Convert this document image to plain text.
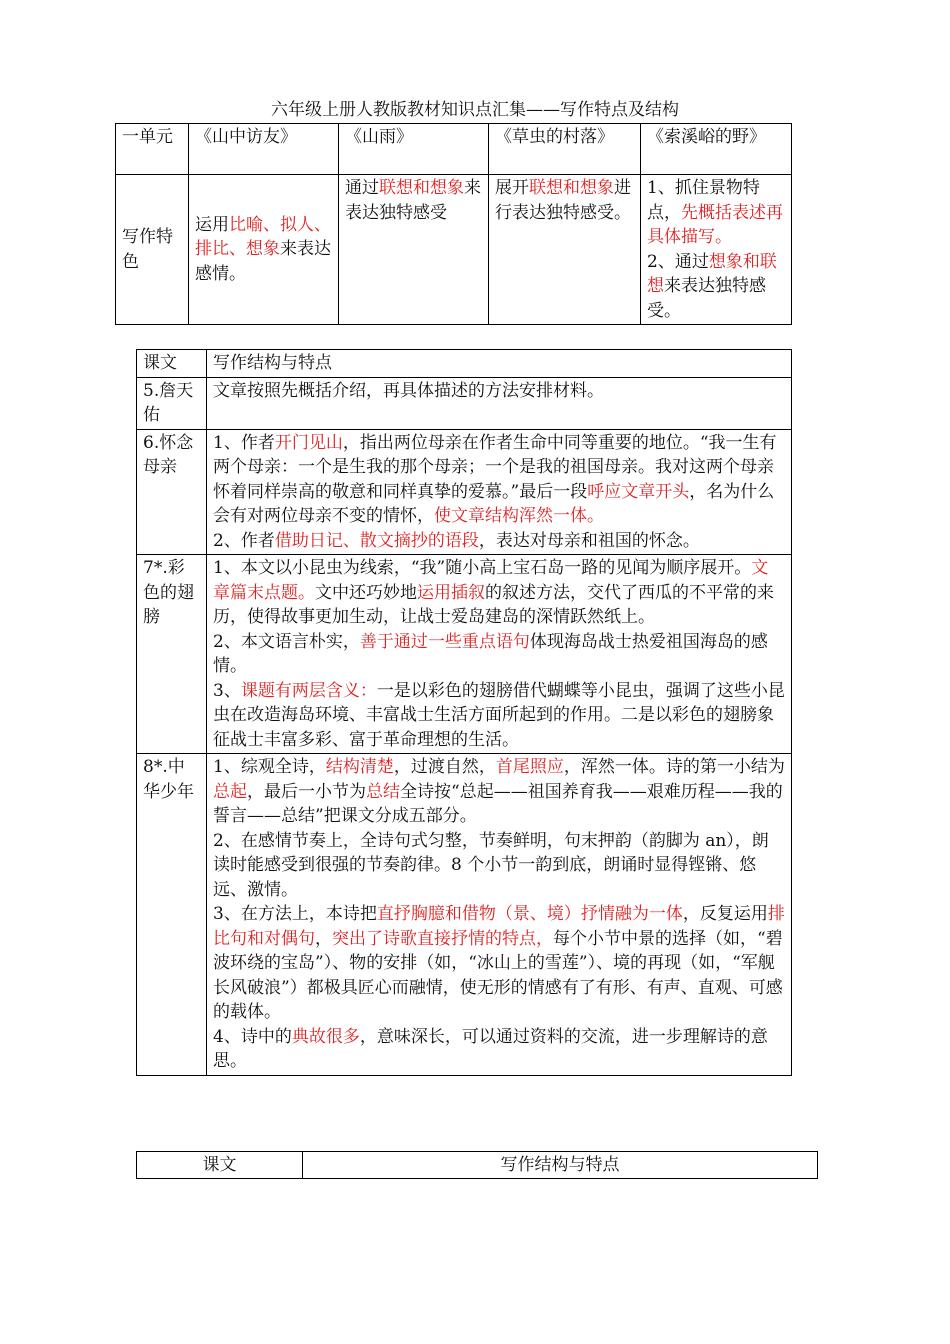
六年级上册人教版教材知识点汇集——写作特点及结构
一单元	《山中访友》	《山雨》	《草虫的村落》	《索溪峪的野》
写作特色	运用比喻、拟人、排比、想象来表达感情。	通过联想和想象来表达独特感受	展开联想和想象进行表达独特感受。	1、抓住景物特点，先概括表述再具体描写。
2、通过想象和联想来表达独特感受。
课文	写作结构与特点
5.詹天佑	文章按照先概括介绍，再具体描述的方法安排材料。
6.怀念母亲	1、作者开门见山，指出两位母亲在作者生命中同等重要的地位。“我一生有两个母亲：一个是生我的那个母亲；一个是我的祖国母亲。我对这两个母亲怀着同样崇高的敬意和同样真挚的爱慕。”最后一段呼应文章开头，名为什么会有对两位母亲不变的情怀，使文章结构浑然一体。
2、作者借助日记、散文摘抄的语段，表达对母亲和祖国的怀念。
7*.彩色的翅膀	1、本文以小昆虫为线索，“我”随小高上宝石岛一路的见闻为顺序展开。文章篇末点题。文中还巧妙地运用插叙的叙述方法，交代了西瓜的不平常的来历，使得故事更加生动，让战士爱岛建岛的深情跃然纸上。
2、本文语言朴实，善于通过一些重点语句体现海岛战士热爱祖国海岛的感情。
3、课题有两层含义：一是以彩色的翅膀借代蝴蝶等小昆虫，强调了这些小昆虫在改造海岛环境、丰富战士生活方面所起到的作用。二是以彩色的翅膀象征战士丰富多彩、富于革命理想的生活。
8*.中华少年	1、综观全诗，结构清楚，过渡自然，首尾照应，浑然一体。诗的第一小结为总起，最后一小节为总结全诗按“总起——祖国养育我——艰难历程——我的誓言——总结”把课文分成五部分。
2、在感情节奏上，全诗句式匀整，节奏鲜明，句末押韵（韵脚为 an），朗读时能感受到很强的节奏韵律。8 个小节一韵到底，朗诵时显得铿锵、悠远、激情。
3、在方法上，本诗把直抒胸臆和借物（景、境）抒情融为一体，反复运用排比句和对偶句，突出了诗歌直接抒情的特点，每个小节中景的选择（如，“碧波环绕的宝岛”）、物的安排（如，“冰山上的雪莲”）、境的再现（如，“军舰长风破浪”）都极具匠心而融情，使无形的情感有了有形、有声、直观、可感的载体。
4、诗中的典故很多，意味深长，可以通过资料的交流，进一步理解诗的意思。
课文	写作结构与特点
